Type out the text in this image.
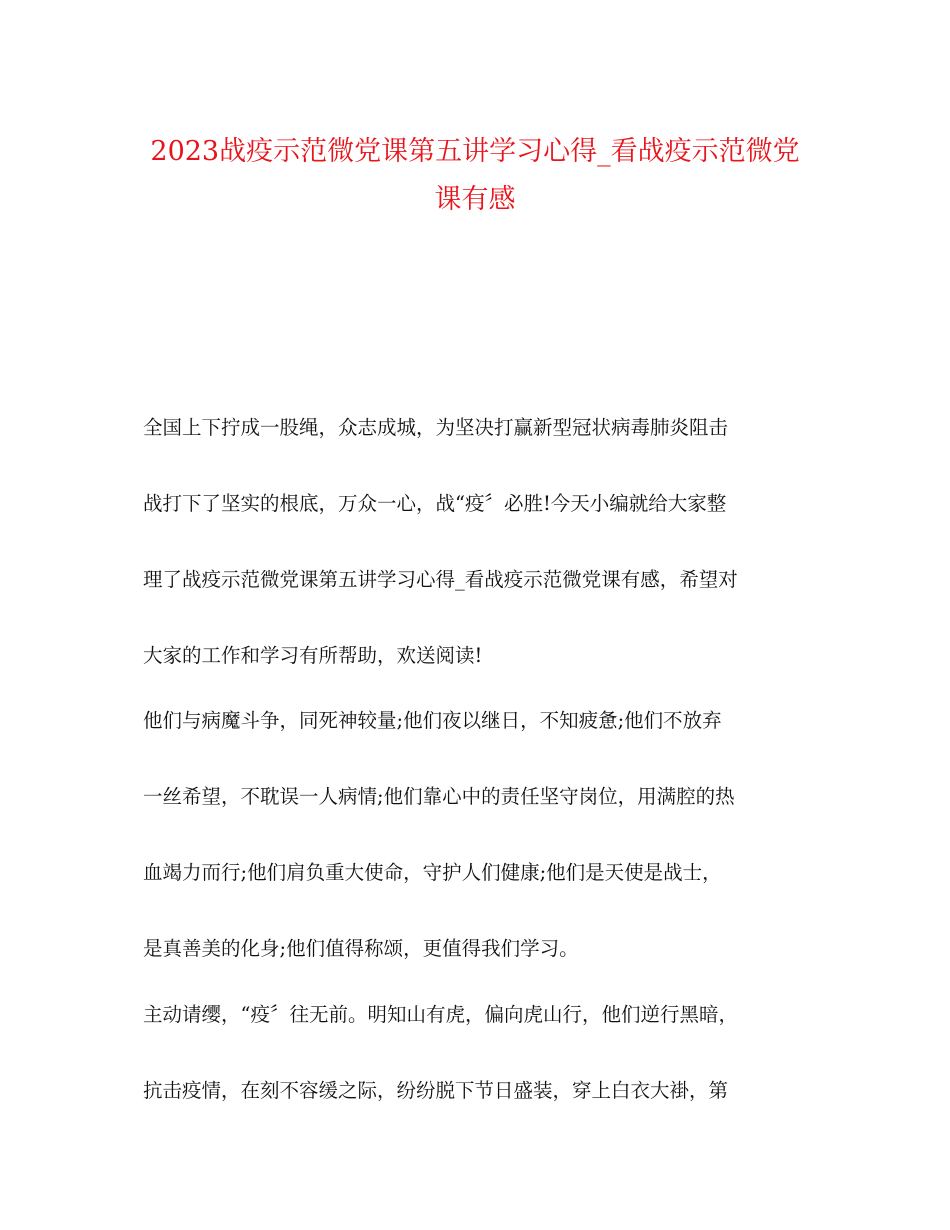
2023战疫示范微党课第五讲学习心得_看战疫示范微党
课有感

全国上下拧成一股绳，众志成城，为坚决打赢新型冠状病毒肺炎阻击

战打下了坚实的根底，万众一心，战“疫〞必胜!今天小编就给大家整

理了战疫示范微党课第五讲学习心得_看战疫示范微党课有感，希望对

大家的工作和学习有所帮助，欢送阅读!

他们与病魔斗争，同死神较量;他们夜以继日，不知疲惫;他们不放弃

一丝希望，不耽误一人病情;他们靠心中的责任坚守岗位，用满腔的热

血竭力而行;他们肩负重大使命，守护人们健康;他们是天使是战士，

是真善美的化身;他们值得称颂，更值得我们学习。

主动请缨，“疫〞往无前。明知山有虎，偏向虎山行，他们逆行黑暗，

抗击疫情，在刻不容缓之际，纷纷脱下节日盛装，穿上白衣大褂，第
